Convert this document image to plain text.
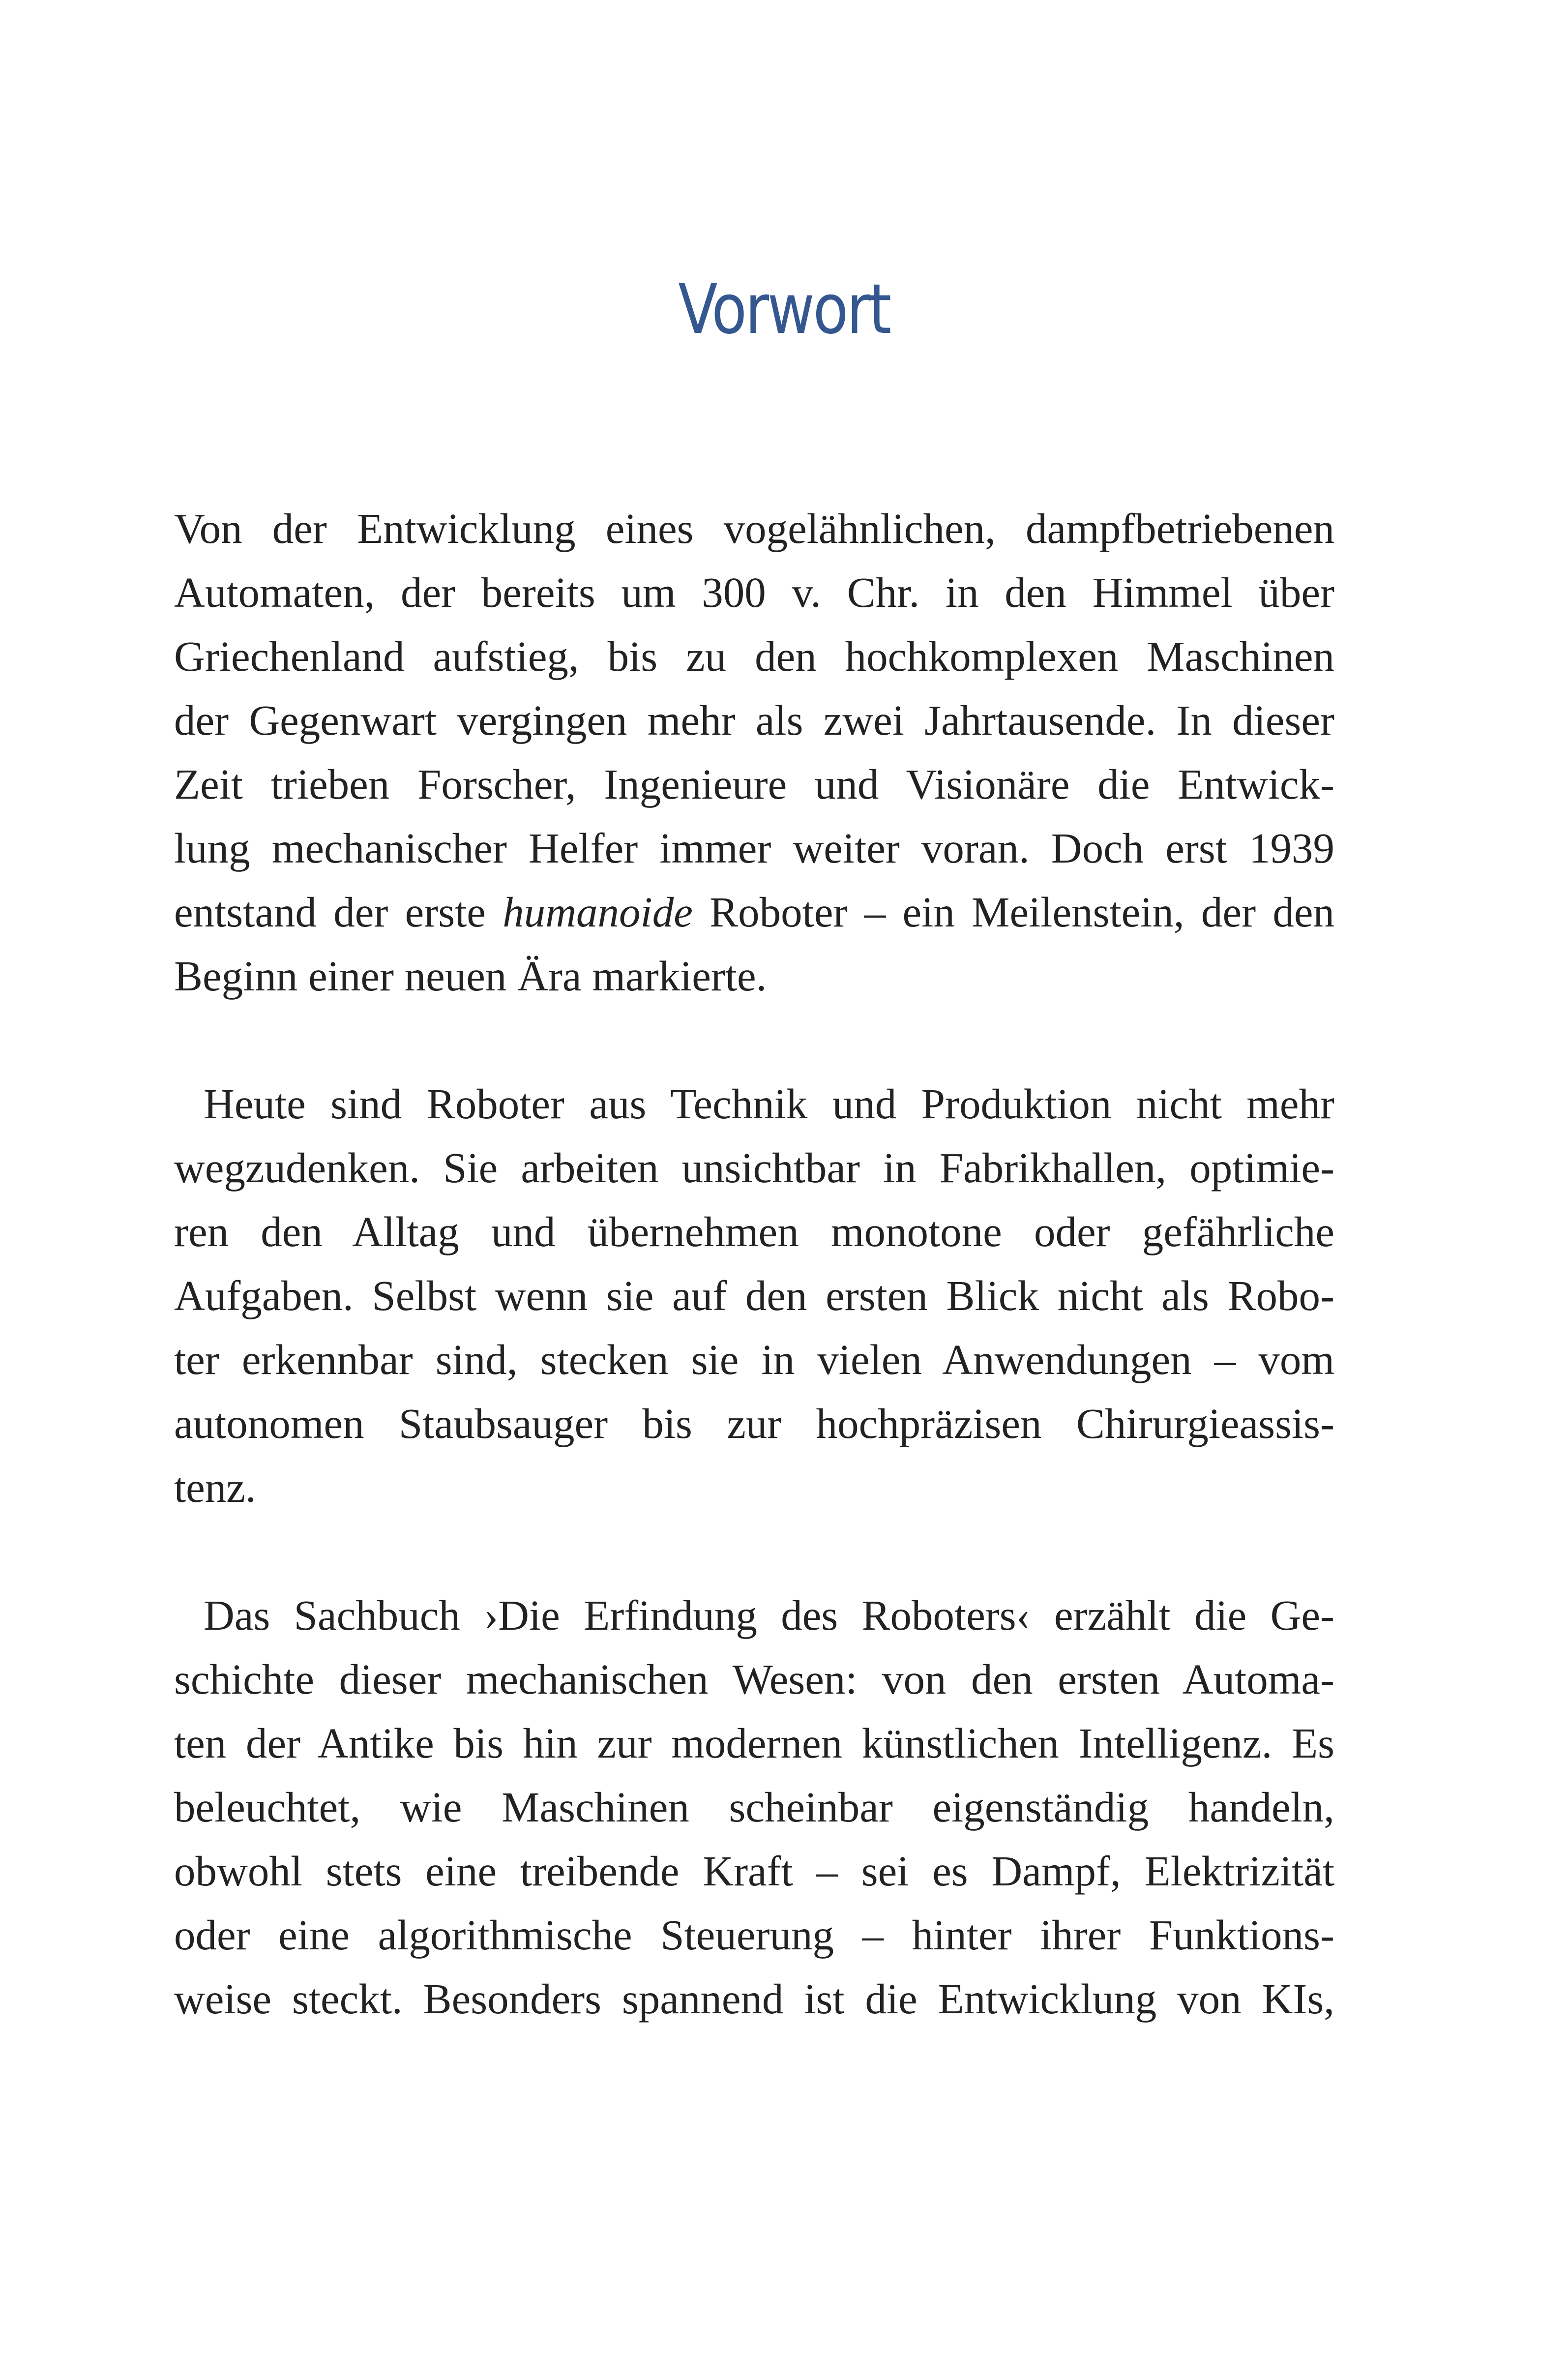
Vorwort
Von der Entwicklung eines vogelähnlichen, dampfbetriebenen
Automaten, der bereits um 300 v. Chr. in den Himmel über
Griechenland aufstieg, bis zu den hochkomplexen Maschinen
der Gegenwart vergingen mehr als zwei Jahrtausende. In dieser
Zeit trieben Forscher, Ingenieure und Visionäre die Entwick-
lung mechanischer Helfer immer weiter voran. Doch erst 1939
entstand der erste humanoide Roboter – ein Meilenstein, der den
Beginn einer neuen Ära markierte.
Heute sind Roboter aus Technik und Produktion nicht mehr
wegzudenken. Sie arbeiten unsichtbar in Fabrikhallen, optimie-
ren den Alltag und übernehmen monotone oder gefährliche
Aufgaben. Selbst wenn sie auf den ersten Blick nicht als Robo-
ter erkennbar sind, stecken sie in vielen Anwendungen – vom
autonomen Staubsauger bis zur hochpräzisen Chirurgieassis-
tenz.
Das Sachbuch ›Die Erfindung des Roboters‹ erzählt die Ge-
schichte dieser mechanischen Wesen: von den ersten Automa-
ten der Antike bis hin zur modernen künstlichen Intelligenz. Es
beleuchtet, wie Maschinen scheinbar eigenständig handeln,
obwohl stets eine treibende Kraft – sei es Dampf, Elektrizität
oder eine algorithmische Steuerung – hinter ihrer Funktions-
weise steckt. Besonders spannend ist die Entwicklung von KIs,
